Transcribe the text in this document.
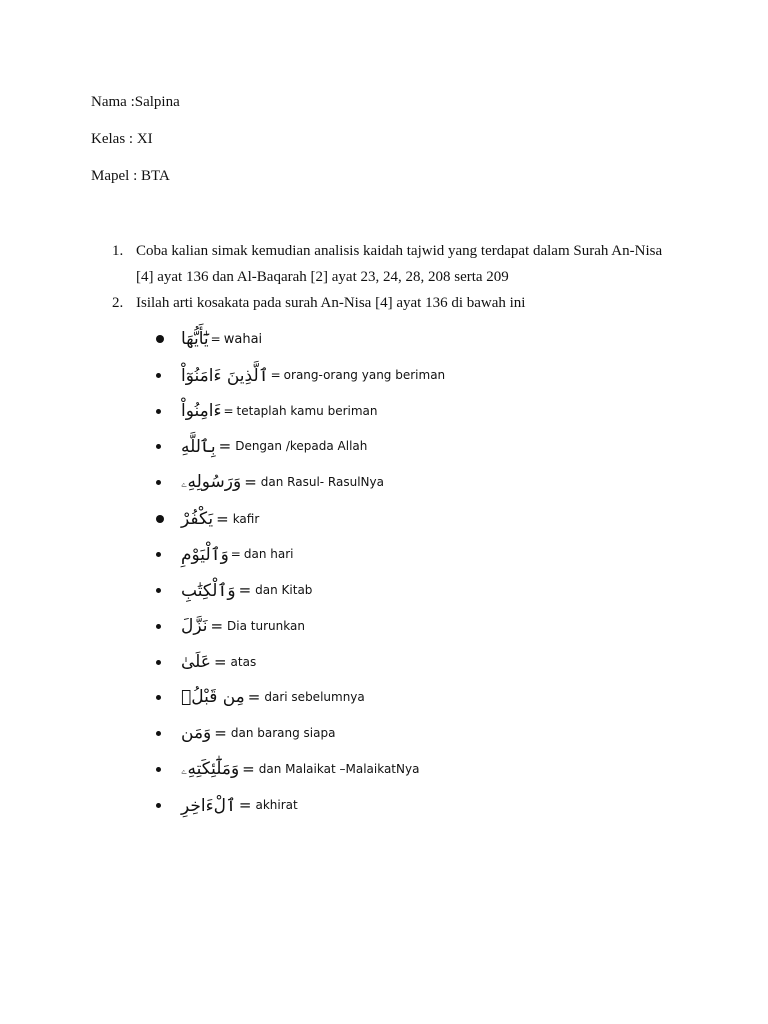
Nama :Salpina
Kelas : XI
Mapel : BTA
1. Coba kalian simak kemudian analisis kaidah tajwid yang terdapat dalam Surah An-Nisa
[4] ayat 136 dan Al-Baqarah [2] ayat 23, 24, 28, 208 serta 209
2. Isilah arti kosakata pada surah An-Nisa [4] ayat 136 di bawah ini
يَٰٓأَيُّهَا = wahai
ٱلَّذِينَ ءَامَنُوٓاْ = orang-orang yang beriman
ءَامِنُواْ = tetaplah kamu beriman
بِٱللَّهِ = Dengan /kepada Allah
وَرَسُولِهِۦ = dan Rasul- RasulNya
يَكْفُرْ = kafir
وَٱلْيَوْمِ = dan hari
وَٱلْكِتَٰبِ = dan Kitab
نَزَّلَ = Dia turunkan
عَلَىٰ = atas
مِن قَبْلُۚ = dari sebelumnya
وَمَن = dan barang siapa
وَمَلَٰٓئِكَتِهِۦ = dan Malaikat –MalaikatNya
ٱلْءَاخِرِ = akhirat
